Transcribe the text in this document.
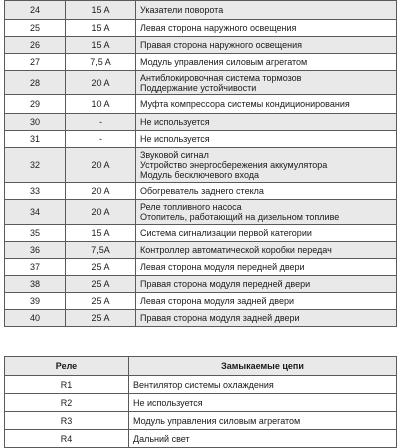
24	15 A	Указатели поворота

25	15 A	Левая сторона наружного освещения

26	15 A	Правая сторона наружного освещения

27	7,5 A	Модуль управления силовым агрегатом

28	20 A	Антиблокировочная система тормозов
Поддержание устойчивости

29	10 A	Муфта компрессора системы кондиционирования

30	-	Не используется

31	-	Не используется

32	20 A	Звуковой сигнал
Устройство энергосбережения аккумулятора
Модуль бесключевого входа

33	20 A	Обогреватель заднего стекла

34	20 A	Реле топливного насоса
Отопитель, работающий на дизельном топливе

35	15 A	Система сигнализации первой категории

36	7,5A	Контроллер автоматической коробки передач

37	25 A	Левая сторона модуля передней двери

38	25 A	Правая сторона модуля передней двери

39	25 A	Левая сторона модуля задней двери

40	25 A	Правая сторона модуля задней двери
Реле	Замыкаемые цепи
R1	Вентилятор системы охлаждения
R2	Не используется
R3	Модуль управления силовым агрегатом
R4	Дальний свет
